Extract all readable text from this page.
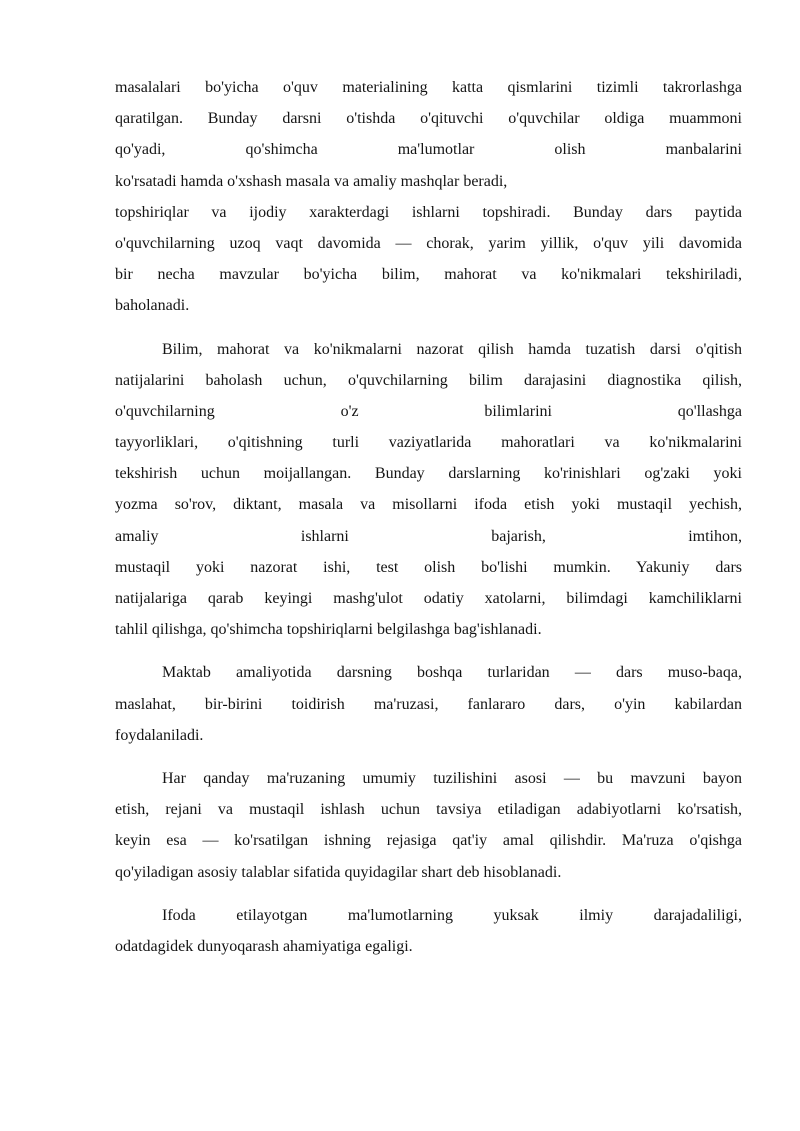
masalalari bo'yicha o'quv materialining katta qismlarini tizimli takrorlashga
qaratilgan. Bunday darsni o'tishda o'qituvchi o'quvchilar oldiga muammoni
qo'yadi, qo'shimcha ma'lumotlar olish manbalarini
ko'rsatadi hamda o'xshash masala va amaliy mashqlar beradi,
topshiriqlar va ijodiy xarakterdagi ishlarni topshiradi. Bunday dars paytida
o'quvchilarning uzoq vaqt davomida — chorak, yarim yillik, o'quv yili davomida
bir necha mavzular bo'yicha bilim, mahorat va ko'nikmalari tekshiriladi,
baholanadi.

Bilim, mahorat va ko'nikmalarni nazorat qilish hamda tuzatish darsi o'qitish
natijalarini baholash uchun, o'quvchilarning bilim darajasini diagnostika qilish,
o'quvchilarning o'z bilimlarini qo'llashga
tayyorliklari, o'qitishning turli vaziyatlarida mahoratlari va ko'nikmalarini
tekshirish uchun moijallangan. Bunday darslarning ko'rinishlari og'zaki yoki
yozma so'rov, diktant, masala va misollarni ifoda etish yoki mustaqil yechish,
amaliy ishlarni bajarish, imtihon,
mustaqil yoki nazorat ishi, test olish bo'lishi mumkin. Yakuniy dars
natijalariga qarab keyingi mashg'ulot odatiy xatolarni, bilimdagi kamchiliklarni
tahlil qilishga, qo'shimcha topshiriqlarni belgilashga bag'ishlanadi.

Maktab amaliyotida darsning boshqa turlaridan — dars muso-baqa,
maslahat, bir-birini toidirish ma'ruzasi, fanlararo dars, o'yin kabilardan
foydalaniladi.

Har qanday ma'ruzaning umumiy tuzilishini asosi — bu mavzuni bayon
etish, rejani va mustaqil ishlash uchun tavsiya etiladigan adabiyotlarni ko'rsatish,
keyin esa — ko'rsatilgan ishning rejasiga qat'iy amal qilishdir. Ma'ruza o'qishga
qo'yiladigan asosiy talablar sifatida quyidagilar shart deb hisoblanadi.

Ifoda etilayotgan ma'lumotlarning yuksak ilmiy darajadaliligi,
odatdagidek dunyoqarash ahamiyatiga egaligi.
